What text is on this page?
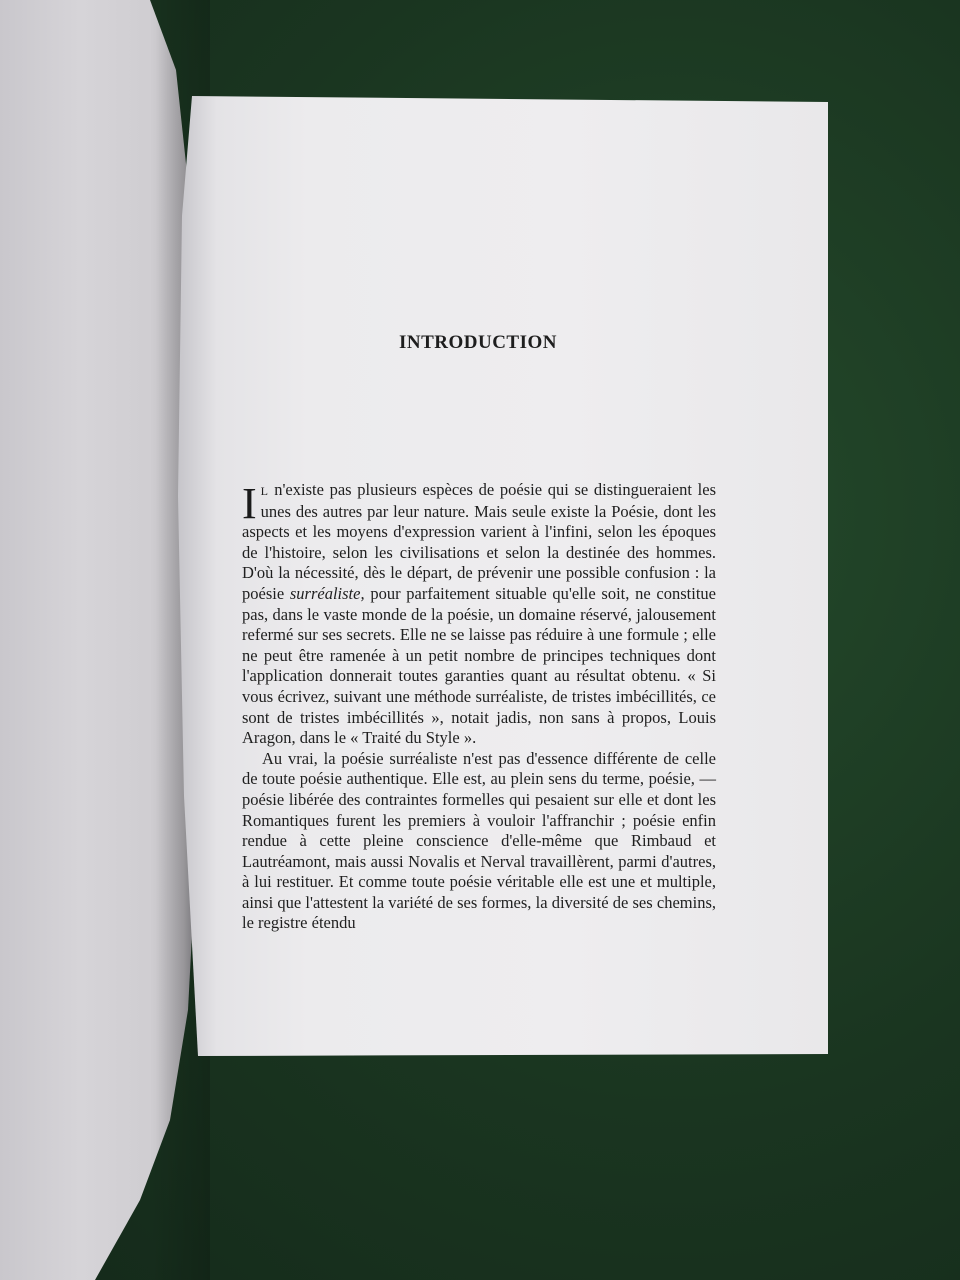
INTRODUCTION

I L n'existe pas plusieurs espèces de poésie qui se distingueraient les unes des autres par leur nature. Mais seule existe la Poésie, dont les aspects et les moyens d'expression varient à l'infini, selon les époques de l'histoire, selon les civilisations et selon la destinée des hommes. D'où la nécessité, dès le départ, de prévenir une possible confusion : la poésie surréaliste, pour parfaitement situable qu'elle soit, ne constitue pas, dans le vaste monde de la poésie, un domaine réservé, jalousement refermé sur ses secrets. Elle ne se laisse pas réduire à une formule ; elle ne peut être ramenée à un petit nombre de principes techniques dont l'application donnerait toutes garanties quant au résultat obtenu. « Si vous écrivez, suivant une méthode surréaliste, de tristes imbécillités, ce sont de tristes imbécillités », notait jadis, non sans à propos, Louis Aragon, dans le « Traité du Style ».

Au vrai, la poésie surréaliste n'est pas d'essence différente de celle de toute poésie authentique. Elle est, au plein sens du terme, poésie, — poésie libérée des contraintes formelles qui pesaient sur elle et dont les Romantiques furent les premiers à vouloir l'affranchir ; poésie enfin rendue à cette pleine conscience d'elle-même que Rimbaud et Lautréamont, mais aussi Novalis et Nerval travaillèrent, parmi d'autres, à lui restituer. Et comme toute poésie véritable elle est une et multiple, ainsi que l'attestent la variété de ses formes, la diversité de ses chemins, le registre étendu
